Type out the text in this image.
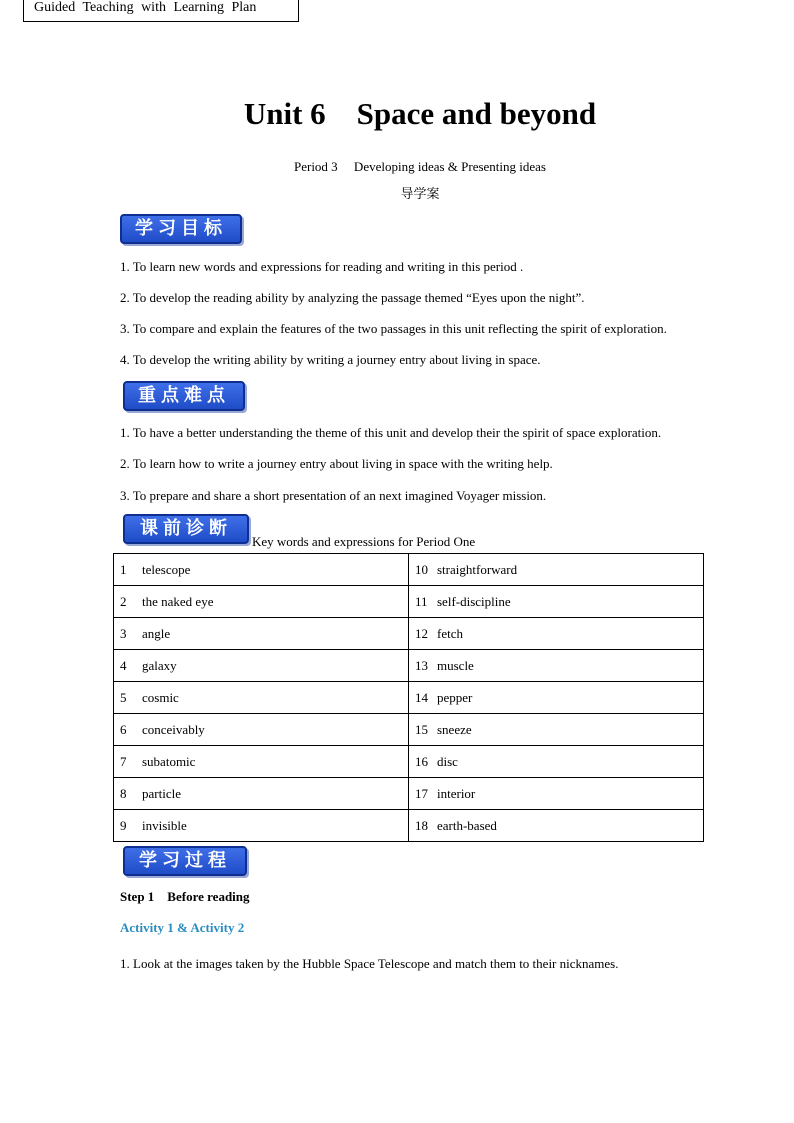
Guided Teaching with Learning Plan
Unit 6    Space and beyond
Period 3     Developing ideas & Presenting ideas
导学案
学习目标
1. To learn new words and expressions for reading and writing in this period .
2. To develop the reading ability by analyzing the passage themed “Eyes upon the night”.
3. To compare and explain the features of the two passages in this unit reflecting the spirit of exploration.
4. To develop the writing ability by writing a journey entry about living in space.
重点难点
1. To have a better understanding the theme of this unit and develop their the spirit of space exploration.
2. To learn how to write a journey entry about living in space with the writing help.
3. To prepare and share a short presentation of an next imagined Voyager mission.
课前诊断
Key words and expressions for Period One
1 telescope	10 straightforward
2 the naked eye	11 self-discipline
3 angle	12 fetch
4 galaxy	13 muscle
5 cosmic	14 pepper
6 conceivably	15 sneeze
7 subatomic	16 disc
8 particle	17 interior
9 invisible	18 earth-based
学习过程
Step 1    Before reading
Activity 1 & Activity 2
1. Look at the images taken by the Hubble Space Telescope and match them to their nicknames.
